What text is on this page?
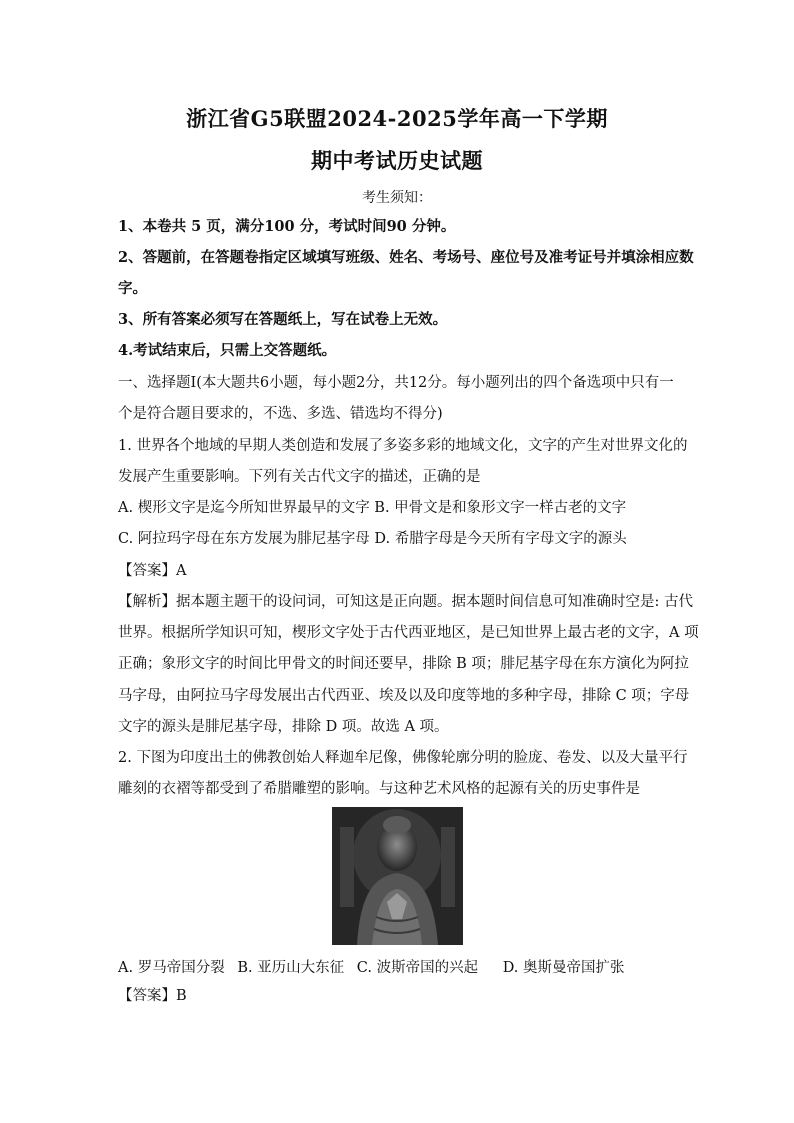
浙江省G5联盟2024-2025学年高一下学期
期中考试历史试题
考生须知：
1、本卷共 5 页，满分100 分，考试时间90 分钟。
2、答题前，在答题卷指定区域填写班级、姓名、考场号、座位号及准考证号并填涂相应数
字。
3、所有答案必须写在答题纸上，写在试卷上无效。
4.考试结束后，只需上交答题纸。
一、选择题Ⅰ(本大题共6小题，每小题2分，共12分。每小题列出的四个备选项中只有一
个是符合题目要求的，不选、多选、错选均不得分)
1. 世界各个地域的早期人类创造和发展了多姿多彩的地域文化，文字的产生对世界文化的
发展产生重要影响。下列有关古代文字的描述，正确的是
A. 楔形文字是迄今所知世界最早的文字 B. 甲骨文是和象形文字一样古老的文字
C. 阿拉玛字母在东方发展为腓尼基字母 D. 希腊字母是今天所有字母文字的源头
【答案】A
【解析】据本题主题干的设问词，可知这是正向题。据本题时间信息可知准确时空是: 古代
世界。根据所学知识可知，楔形文字处于古代西亚地区，是已知世界上最古老的文字，A 项
正确；象形文字的时间比甲骨文的时间还要早，排除 B 项；腓尼基字母在东方演化为阿拉
马字母，由阿拉马字母发展出古代西亚、埃及以及印度等地的多种字母，排除 C 项；字母
文字的源头是腓尼基字母，排除 D 项。故选 A 项。
2. 下图为印度出土的佛教创始人释迦牟尼像，佛像轮廓分明的脸庞、卷发、以及大量平行
雕刻的衣褶等都受到了希腊雕塑的影响。与这种艺术风格的起源有关的历史事件是
A. 罗马帝国分裂 B. 亚历山大东征 C. 波斯帝国的兴起 D. 奥斯曼帝国扩张
【答案】B
